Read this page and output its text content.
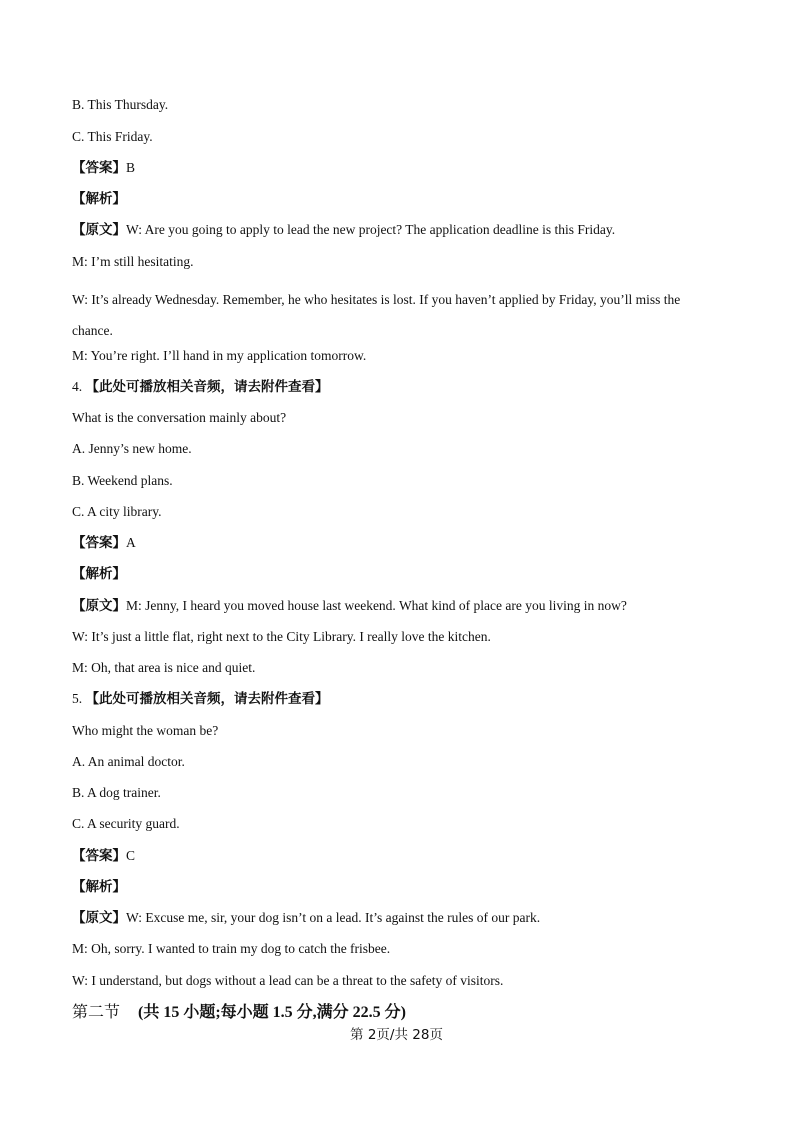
B. This Thursday.
C. This Friday.
【答案】B
【解析】
【原文】W: Are you going to apply to lead the new project? The application deadline is this Friday.
M: I’m still hesitating.
W: It’s already Wednesday. Remember, he who hesitates is lost. If you haven’t applied by Friday, you’ll miss the chance.
M: You’re right. I’ll hand in my application tomorrow.
4. 【此处可播放相关音频，请去附件查看】
What is the conversation mainly about?
A. Jenny’s new home.
B. Weekend plans.
C. A city library.
【答案】A
【解析】
【原文】M: Jenny, I heard you moved house last weekend. What kind of place are you living in now?
W: It’s just a little flat, right next to the City Library. I really love the kitchen.
M: Oh, that area is nice and quiet.
5. 【此处可播放相关音频，请去附件查看】
Who might the woman be?
A. An animal doctor.
B. A dog trainer.
C. A security guard.
【答案】C
【解析】
【原文】W: Excuse me, sir, your dog isn’t on a lead. It’s against the rules of our park.
M: Oh, sorry. I wanted to train my dog to catch the frisbee.
W: I understand, but dogs without a lead can be a threat to the safety of visitors.
第二节 (共 15 小题;每小题 1.5 分,满分 22.5 分)
第 2页/共 28页
